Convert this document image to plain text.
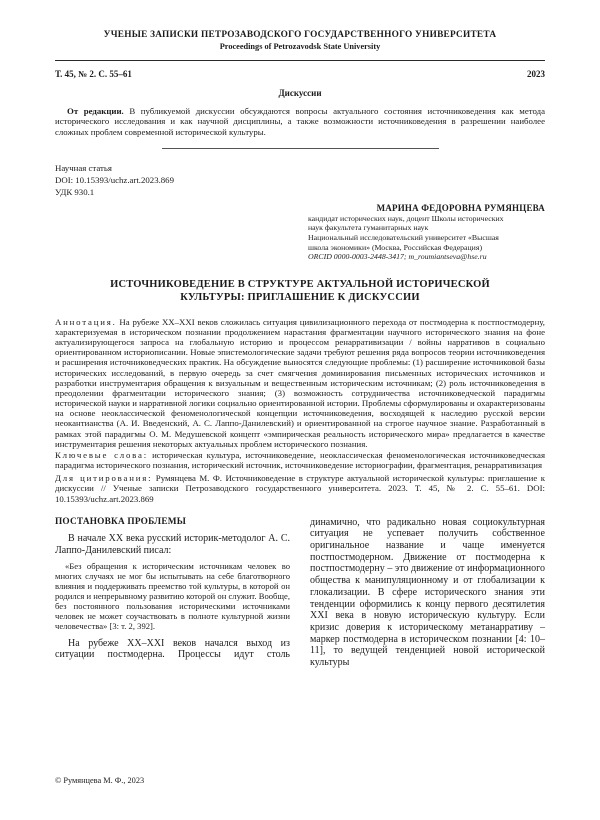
УЧЕНЫЕ ЗАПИСКИ ПЕТРОЗАВОДСКОГО ГОСУДАРСТВЕННОГО УНИВЕРСИТЕТА
Proceedings of Petrozavodsk State University
Т. 45, № 2. С. 55–61	2023
Дискуссии

От редакции. В публикуемой дискуссии обсуждаются вопросы актуального состояния источниковедения как метода исторического исследования и как научной дисциплины, а также возможности источниковедения в разрешении наиболее сложных проблем современной исторической культуры.

Научная статья
DOI: 10.15393/uchz.art.2023.869
УДК 930.1
МАРИНА ФЕДОРОВНА РУМЯНЦЕВА
кандидат исторических наук, доцент Школы исторических
наук факультета гуманитарных наук
Национальный исследовательский университет «Высшая
школа экономики» (Москва, Российская Федерация)
ORCID 0000-0003-2448-3417; m_roumiantseva@hse.ru
ИСТОЧНИКОВЕДЕНИЕ В СТРУКТУРЕ АКТУАЛЬНОЙ ИСТОРИЧЕСКОЙ КУЛЬТУРЫ: ПРИГЛАШЕНИЕ К ДИСКУССИИ

Аннотация. На рубеже XX–XXI веков сложилась ситуация цивилизационного перехода от постмодерна к постпостмодерну, характеризуемая в историческом познании продолжением нарастания фрагментации научного исторического знания на фоне актуализирующегося запроса на глобальную историю и процессом ренарративизации / войны нарративов в социально ориентированном историописании. Новые эпистемологические задачи требуют решения ряда вопросов теории источниковедения и расширения источниковедческих практик. На обсуждение выносятся следующие проблемы: (1) расширение источниковой базы исторических исследований, в первую очередь за счет смягчения доминирования письменных исторических источников и разработки инструментария обращения к визуальным и вещественным историческим источникам; (2) роль источниковедения в преодолении фрагментации исторического знания; (3) возможность сотрудничества источниковедческой парадигмы исторической науки и нарративной логики социально ориентированной истории. Проблемы сформулированы и охарактеризованы на основе неоклассической феноменологической концепции источниковедения, восходящей к наследию русской версии неокантианства (А. И. Введенский, А. С. Лаппо-Данилевский) и ориентированной на строгое научное знание. Разработанный в рамках этой парадигмы О. М. Медушевской концепт «эмпирическая реальность исторического мира» предлагается в качестве инструментария решения некоторых актуальных проблем исторического познания.

Ключевые слова: историческая культура, источниковедение, неоклассическая феноменологическая источниковедческая парадигма исторического познания, исторический источник, источниковедение историографии, фрагментация, ренарративизация

Для цитирования: Румянцева М. Ф. Источниковедение в структуре актуальной исторической культуры: приглашение к дискуссии // Ученые записки Петрозаводского государственного университета. 2023. Т. 45, № 2. С. 55–61. DOI: 10.15393/uchz.art.2023.869

ПОСТАНОВКА ПРОБЛЕМЫ

В начале XX века русский историк-методолог А. С. Лаппо-Данилевский писал:

«Без обращения к историческим источникам человек во многих случаях не мог бы испытывать на себе благотворного влияния и поддерживать преемство той культуры, в которой он родился и непрерывному развитию которой он служит. Вообще, без постоянного пользования историческими источниками человек не может соучаствовать в полноте культурной жизни человечества» [3: т. 2, 392].

На рубеже XX–XXI веков начался выход из ситуации постмодерна. Процессы идут столь

динамично, что радикально новая социокультурная ситуация не успевает получить собственное оригинальное название и чаще именуется постпостмодерном. Движение от постмодерна к постпостмодерну – это движение от информационного общества к манипуляционному и от глобализации к глокализации. В сфере исторического знания эти тенденции оформились к концу первого десятилетия XXI века в новую историческую культуру. Если кризис доверия к историческому метанарративу – маркер постмодерна в историческом познании [4: 10–11], то ведущей тенденцией новой исторической культуры

© Румянцева М. Ф., 2023
